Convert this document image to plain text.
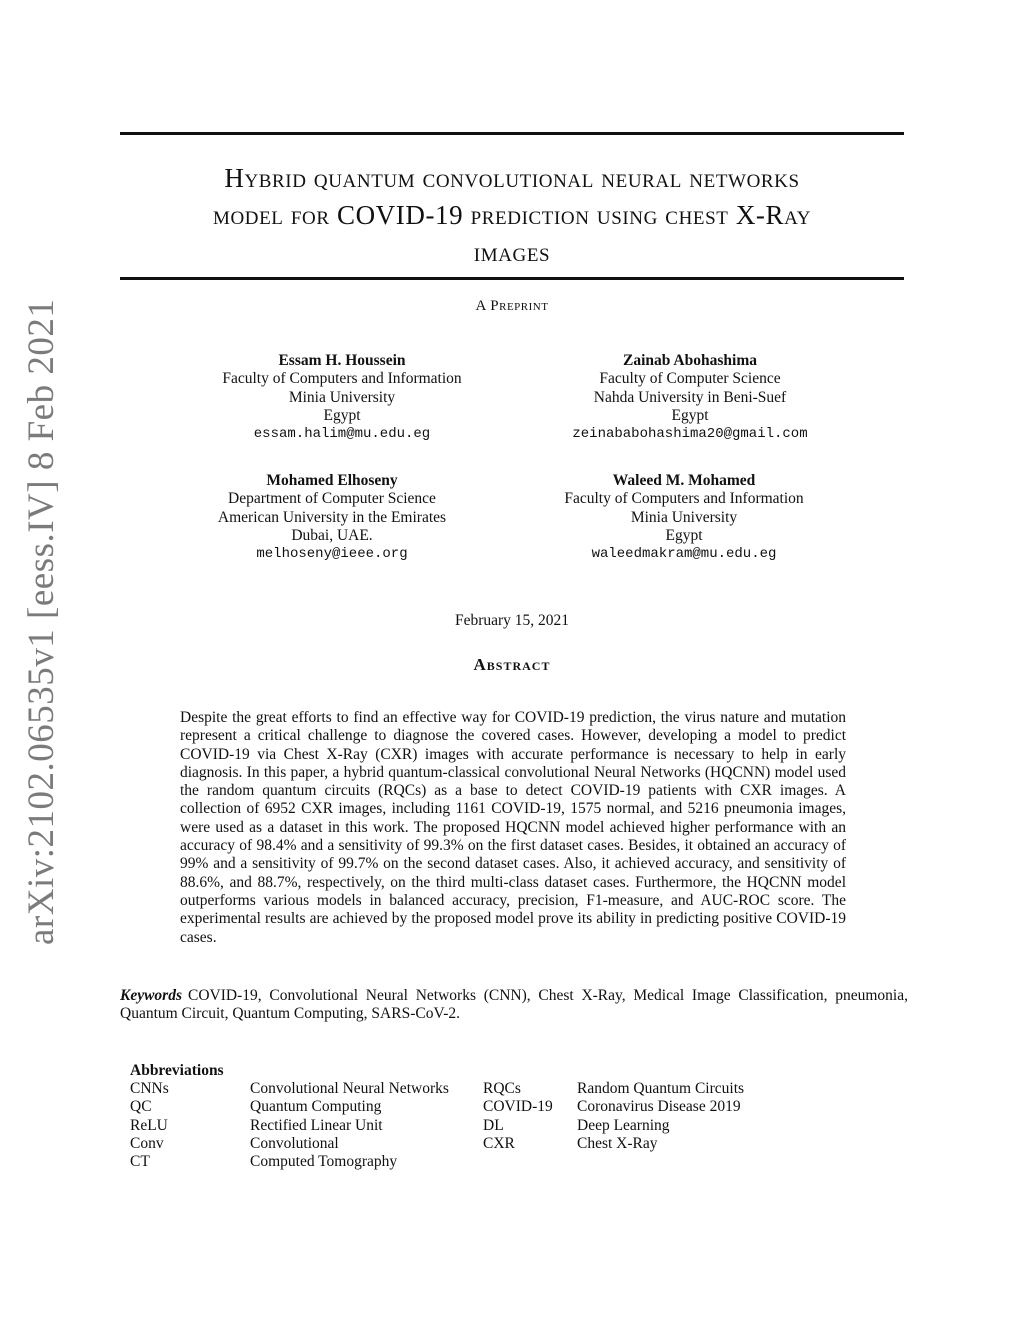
arXiv:2102.06535v1 [eess.IV] 8 Feb 2021
Hybrid quantum convolutional neural networks
model for COVID-19 prediction using chest X-Ray
images
A Preprint
Essam H. Houssein
Faculty of Computers and Information
Minia University
Egypt
essam.halim@mu.edu.eg
Zainab Abohashima
Faculty of Computer Science
Nahda University in Beni-Suef
Egypt
zeinababohashima20@gmail.com
Mohamed Elhoseny
Department of Computer Science
American University in the Emirates
Dubai, UAE.
melhoseny@ieee.org
Waleed M. Mohamed
Faculty of Computers and Information
Minia University
Egypt
waleedmakram@mu.edu.eg
February 15, 2021
Abstract
Despite the great efforts to find an effective way for COVID-19 prediction, the virus nature and mutation represent a critical challenge to diagnose the covered cases. However, developing a model to predict COVID-19 via Chest X-Ray (CXR) images with accurate performance is necessary to help in early diagnosis. In this paper, a hybrid quantum-classical convolutional Neural Networks (HQCNN) model used the random quantum circuits (RQCs) as a base to detect COVID-19 patients with CXR images. A collection of 6952 CXR images, including 1161 COVID-19, 1575 normal, and 5216 pneumonia images, were used as a dataset in this work. The proposed HQCNN model achieved higher performance with an accuracy of 98.4% and a sensitivity of 99.3% on the first dataset cases. Besides, it obtained an accuracy of 99% and a sensitivity of 99.7% on the second dataset cases. Also, it achieved accuracy, and sensitivity of 88.6%, and 88.7%, respectively, on the third multi-class dataset cases. Furthermore, the HQCNN model outperforms various models in balanced accuracy, precision, F1-measure, and AUC-ROC score. The experimental results are achieved by the proposed model prove its ability in predicting positive COVID-19 cases.
Keywords COVID-19, Convolutional Neural Networks (CNN), Chest X-Ray, Medical Image Classification, pneumonia, Quantum Circuit, Quantum Computing, SARS-CoV-2.
Abbreviations
CNNs
QC
ReLU
Conv
CT
Convolutional Neural Networks
Quantum Computing
Rectified Linear Unit
Convolutional
Computed Tomography
RQCs
COVID-19
DL
CXR
Random Quantum Circuits
Coronavirus Disease 2019
Deep Learning
Chest X-Ray
